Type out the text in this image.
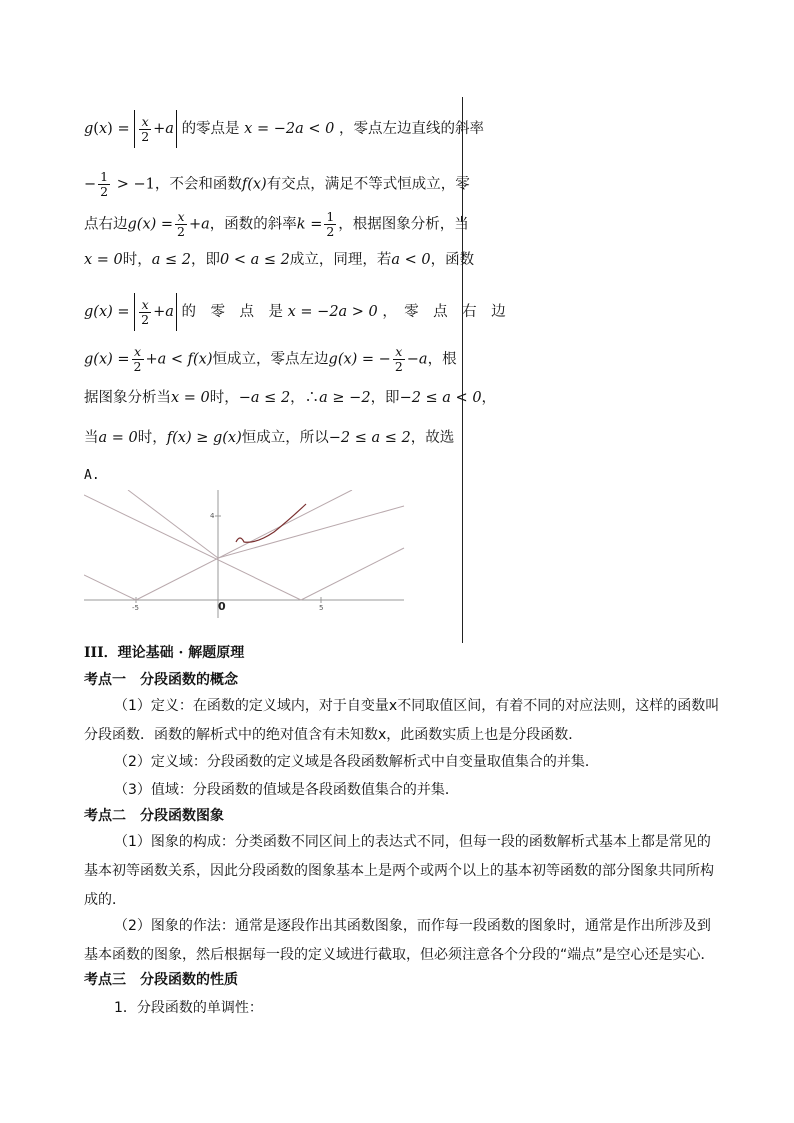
$g(x) = \frac{x}{2} +a$ 的零点是 x = −2a < 0 ，零点左边直线的斜率
− $\frac{1}{2} > -1$，不会和函数f(x)有交点，满足不等式恒成立，零
点右边$g(x) = \frac{x}{2} +a$，函数的斜率$k = \frac{1}{2}$ ，根据图象分析，当
x = 0时，a ≤ 2，即0 < a ≤ 2成立，同理，若a < 0，函数
$g(x) = \frac{x}{2} +a$ 的　零　点　是 x = −2a > 0 ，　零　点　右　边
$g(x) = \frac{x}{2} +a < f(x)$恒成立，零点左边g(x) = − $\frac{x}{2} -a$，根
据图象分析当x = 0时，−a ≤ 2，∴a ≥ −2，即−2 ≤ a < 0，
当a = 0时，f(x) ≥ g(x)恒成立，所以−2 ≤ a ≤ 2，故选
A.
4
-5	0	5
III．理论基础 · 解题原理
考点一　分段函数的概念
（1）定义：在函数的定义域内，对于自变量x不同取值区间，有着不同的对应法则，这样的函数叫分段函数．函数的解析式中的绝对值含有未知数x，此函数实质上也是分段函数．
（2）定义域：分段函数的定义域是各段函数解析式中自变量取值集合的并集．
（3）值域：分段函数的值域是各段函数值集合的并集．
考点二　分段函数图象
（1）图象的构成：分类函数不同区间上的表达式不同，但每一段的函数解析式基本上都是常见的基本初等函数关系，因此分段函数的图象基本上是两个或两个以上的基本初等函数的部分图象共同所构成的．
（2）图象的作法：通常是逐段作出其函数图象，而作每一段函数的图象时，通常是作出所涉及到基本函数的图象，然后根据每一段的定义域进行截取，但必须注意各个分段的“端点”是空心还是实心．
考点三　分段函数的性质
1．分段函数的单调性：
